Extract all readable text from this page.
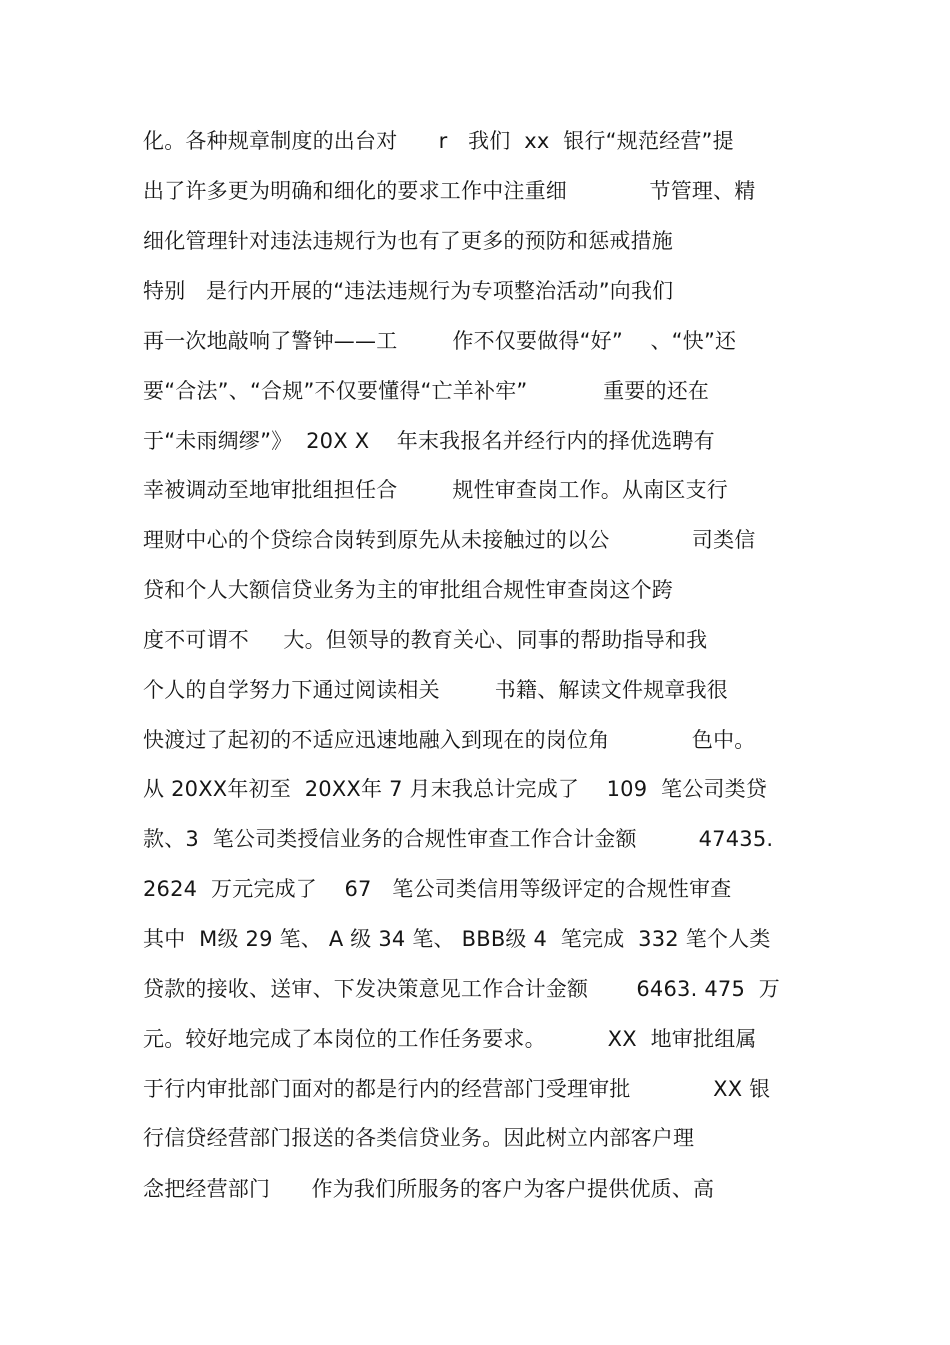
化。各种规章制度的出台对      r   我们  xx  银行“规范经营”提
出了许多更为明确和细化的要求工作中注重细            节管理、精
细化管理针对违法违规行为也有了更多的预防和惩戒措施
特别   是行内开展的“违法违规行为专项整治活动”向我们
再一次地敲响了警钟——工        作不仅要做得“好”    、“快”还
要“合法”、“合规”不仅要懂得“亡羊补牢”           重要的还在
于“未雨绸缪”》  20X X    年末我报名并经行内的择优选聘有
幸被调动至地审批组担任合        规性审查岗工作。从南区支行
理财中心的个贷综合岗转到原先从未接触过的以公            司类信
贷和个人大额信贷业务为主的审批组合规性审查岗这个跨
度不可谓不     大。但领导的教育关心、同事的帮助指导和我
个人的自学努力下通过阅读相关        书籍、解读文件规章我很
快渡过了起初的不适应迅速地融入到现在的岗位角            色中。
从 20XX年初至  20XX年 7 月末我总计完成了    109  笔公司类贷
款、3  笔公司类授信业务的合规性审查工作合计金额         47435.
2624  万元完成了    67   笔公司类信用等级评定的合规性审查
其中  M级 29 笔、 A 级 34 笔、 BBB级 4  笔完成  332 笔个人类
贷款的接收、送审、下发决策意见工作合计金额       6463. 475  万
元。较好地完成了本岗位的工作任务要求。         XX  地审批组属
于行内审批部门面对的都是行内的经营部门受理审批            XX 银
行信贷经营部门报送的各类信贷业务。因此树立内部客户理
念把经营部门      作为我们所服务的客户为客户提供优质、高
